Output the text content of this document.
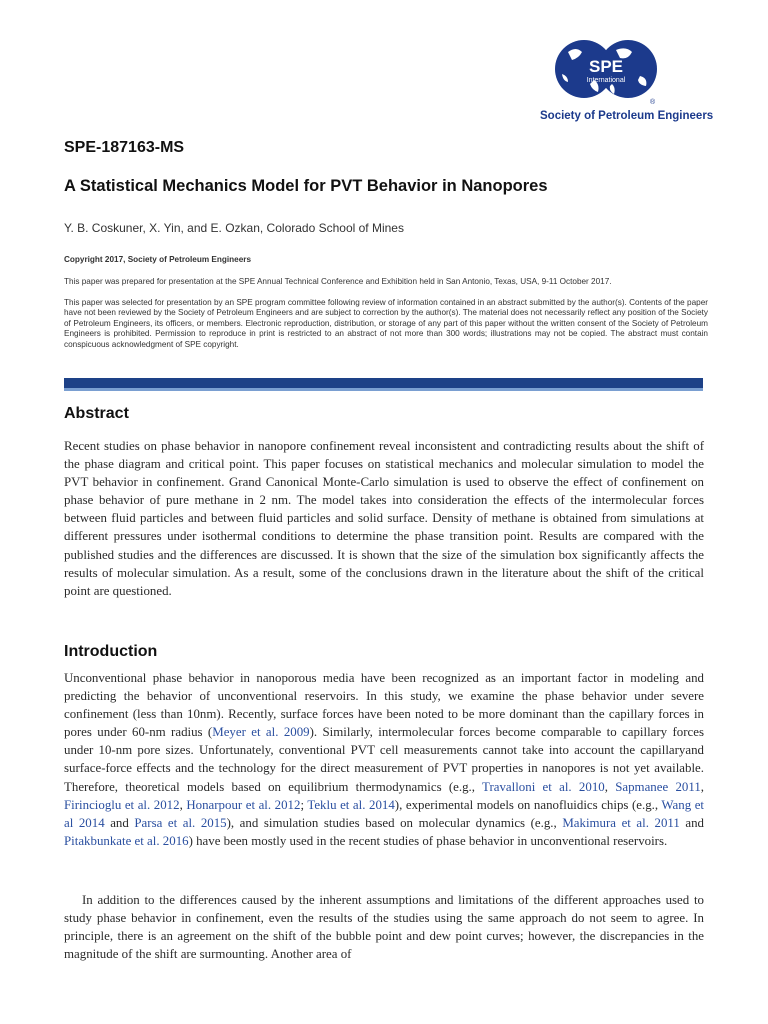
SPE
International
®
Society of Petroleum Engineers
SPE-187163-MS
A Statistical Mechanics Model for PVT Behavior in Nanopores
Y. B. Coskuner, X. Yin, and E. Ozkan, Colorado School of Mines
Copyright 2017, Society of Petroleum Engineers
This paper was prepared for presentation at the SPE Annual Technical Conference and Exhibition held in San Antonio, Texas, USA, 9-11 October 2017.
This paper was selected for presentation by an SPE program committee following review of information contained in an abstract submitted by the author(s). Contents of the paper have not been reviewed by the Society of Petroleum Engineers and are subject to correction by the author(s). The material does not necessarily reflect any position of the Society of Petroleum Engineers, its officers, or members. Electronic reproduction, distribution, or storage of any part of this paper without the written consent of the Society of Petroleum Engineers is prohibited. Permission to reproduce in print is restricted to an abstract of not more than 300 words; illustrations may not be copied. The abstract must contain conspicuous acknowledgment of SPE copyright.
Abstract

Recent studies on phase behavior in nanopore confinement reveal inconsistent and contradicting results about the shift of the phase diagram and critical point. This paper focuses on statistical mechanics and molecular simulation to model the PVT behavior in confinement. Grand Canonical Monte-Carlo simulation is used to observe the effect of confinement on phase behavior of pure methane in 2 nm. The model takes into consideration the effects of the intermolecular forces between fluid particles and between fluid particles and solid surface. Density of methane is obtained from simulations at different pressures under isothermal conditions to determine the phase transition point. Results are compared with the published studies and the differences are discussed. It is shown that the size of the simulation box significantly affects the results of molecular simulation. As a result, some of the conclusions drawn in the literature about the shift of the critical point are questioned.

Introduction

Unconventional phase behavior in nanoporous media have been recognized as an important factor in modeling and predicting the behavior of unconventional reservoirs. In this study, we examine the phase behavior under severe confinement (less than 10nm). Recently, surface forces have been noted to be more dominant than the capillary forces in pores under 60-nm radius (Meyer et al. 2009). Similarly, intermolecular forces become comparable to capillary forces under 10-nm pore sizes. Unfortunately, conventional PVT cell measurements cannot take into account the capillaryand surface-force effects and the technology for the direct measurement of PVT properties in nanopores is not yet available. Therefore, theoretical models based on equilibrium thermodynamics (e.g., Travalloni et al. 2010, Sapmanee 2011, Firincioglu et al. 2012, Honarpour et al. 2012; Teklu et al. 2014), experimental models on nanofluidics chips (e.g., Wang et al 2014 and Parsa et al. 2015), and simulation studies based on molecular dynamics (e.g., Makimura et al. 2011 and Pitakbunkate et al. 2016) have been mostly used in the recent studies of phase behavior in unconventional reservoirs.

In addition to the differences caused by the inherent assumptions and limitations of the different approaches used to study phase behavior in confinement, even the results of the studies using the same approach do not seem to agree. In principle, there is an agreement on the shift of the bubble point and dew point curves; however, the discrepancies in the magnitude of the shift are surmounting. Another area of
